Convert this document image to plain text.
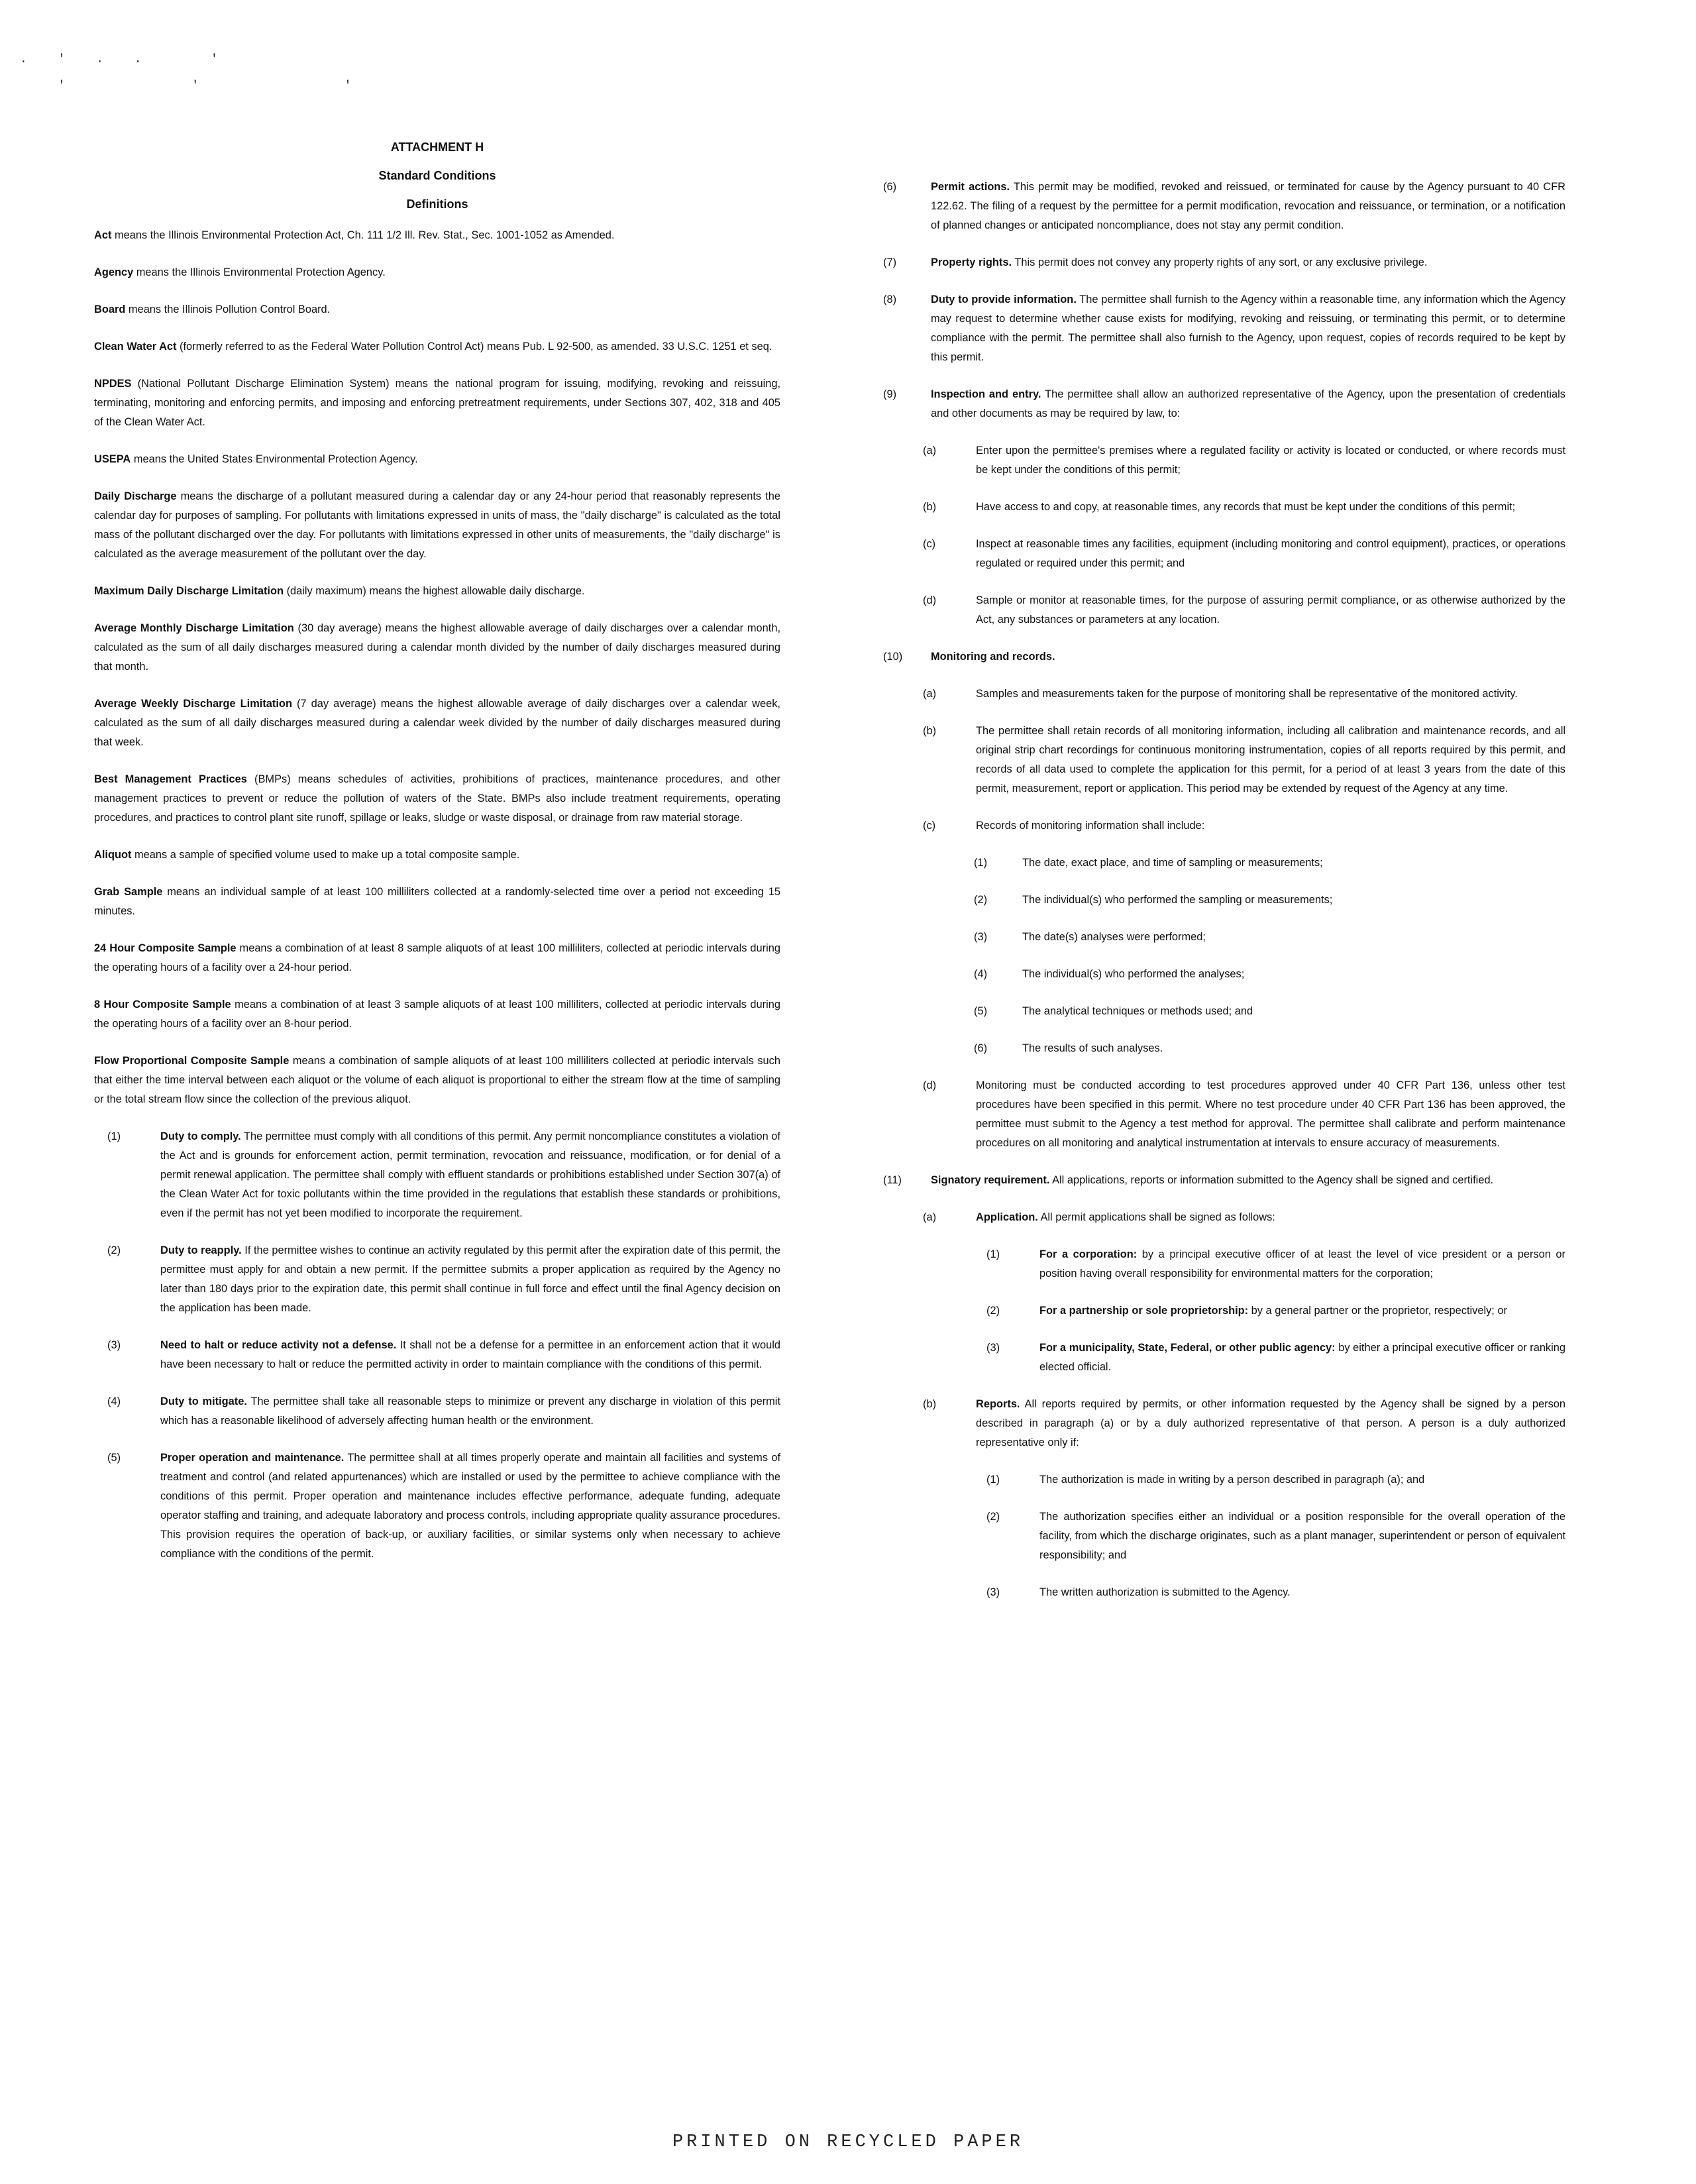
. ' . .   '
'      '       '
ATTACHMENT H
Standard Conditions
Definitions

Act means the Illinois Environmental Protection Act, Ch. 111 1/2 Ill. Rev. Stat., Sec. 1001-1052 as Amended.

Agency means the Illinois Environmental Protection Agency.

Board means the Illinois Pollution Control Board.

Clean Water Act (formerly referred to as the Federal Water Pollution Control Act) means Pub. L 92-500, as amended. 33 U.S.C. 1251 et seq.

NPDES (National Pollutant Discharge Elimination System) means the national program for issuing, modifying, revoking and reissuing, terminating, monitoring and enforcing permits, and imposing and enforcing pretreatment requirements, under Sections 307, 402, 318 and 405 of the Clean Water Act.

USEPA means the United States Environmental Protection Agency.

Daily Discharge means the discharge of a pollutant measured during a calendar day or any 24-hour period that reasonably represents the calendar day for purposes of sampling. For pollutants with limitations expressed in units of mass, the "daily discharge" is calculated as the total mass of the pollutant discharged over the day. For pollutants with limitations expressed in other units of measurements, the "daily discharge" is calculated as the average measurement of the pollutant over the day.

Maximum Daily Discharge Limitation (daily maximum) means the highest allowable daily discharge.

Average Monthly Discharge Limitation (30 day average) means the highest allowable average of daily discharges over a calendar month, calculated as the sum of all daily discharges measured during a calendar month divided by the number of daily discharges measured during that month.

Average Weekly Discharge Limitation (7 day average) means the highest allowable average of daily discharges over a calendar week, calculated as the sum of all daily discharges measured during a calendar week divided by the number of daily discharges measured during that week.

Best Management Practices (BMPs) means schedules of activities, prohibitions of practices, maintenance procedures, and other management practices to prevent or reduce the pollution of waters of the State. BMPs also include treatment requirements, operating procedures, and practices to control plant site runoff, spillage or leaks, sludge or waste disposal, or drainage from raw material storage.

Aliquot means a sample of specified volume used to make up a total composite sample.

Grab Sample means an individual sample of at least 100 milliliters collected at a randomly-selected time over a period not exceeding 15 minutes.

24 Hour Composite Sample means a combination of at least 8 sample aliquots of at least 100 milliliters, collected at periodic intervals during the operating hours of a facility over a 24-hour period.

8 Hour Composite Sample means a combination of at least 3 sample aliquots of at least 100 milliliters, collected at periodic intervals during the operating hours of a facility over an 8-hour period.

Flow Proportional Composite Sample means a combination of sample aliquots of at least 100 milliliters collected at periodic intervals such that either the time interval between each aliquot or the volume of each aliquot is proportional to either the stream flow at the time of sampling or the total stream flow since the collection of the previous aliquot.

(1)	Duty to comply. The permittee must comply with all conditions of this permit. Any permit noncompliance constitutes a violation of the Act and is grounds for enforcement action, permit termination, revocation and reissuance, modification, or for denial of a permit renewal application. The permittee shall comply with effluent standards or prohibitions established under Section 307(a) of the Clean Water Act for toxic pollutants within the time provided in the regulations that establish these standards or prohibitions, even if the permit has not yet been modified to incorporate the requirement.
(2)	Duty to reapply. If the permittee wishes to continue an activity regulated by this permit after the expiration date of this permit, the permittee must apply for and obtain a new permit. If the permittee submits a proper application as required by the Agency no later than 180 days prior to the expiration date, this permit shall continue in full force and effect until the final Agency decision on the application has been made.
(3)	Need to halt or reduce activity not a defense. It shall not be a defense for a permittee in an enforcement action that it would have been necessary to halt or reduce the permitted activity in order to maintain compliance with the conditions of this permit.
(4)	Duty to mitigate. The permittee shall take all reasonable steps to minimize or prevent any discharge in violation of this permit which has a reasonable likelihood of adversely affecting human health or the environment.
(5)	Proper operation and maintenance. The permittee shall at all times properly operate and maintain all facilities and systems of treatment and control (and related appurtenances) which are installed or used by the permittee to achieve compliance with the conditions of this permit. Proper operation and maintenance includes effective performance, adequate funding, adequate operator staffing and training, and adequate laboratory and process controls, including appropriate quality assurance procedures. This provision requires the operation of back-up, or auxiliary facilities, or similar systems only when necessary to achieve compliance with the conditions of the permit.
(6)	Permit actions. This permit may be modified, revoked and reissued, or terminated for cause by the Agency pursuant to 40 CFR 122.62. The filing of a request by the permittee for a permit modification, revocation and reissuance, or termination, or a notification of planned changes or anticipated noncompliance, does not stay any permit condition.
(7)	Property rights. This permit does not convey any property rights of any sort, or any exclusive privilege.
(8)	Duty to provide information. The permittee shall furnish to the Agency within a reasonable time, any information which the Agency may request to determine whether cause exists for modifying, revoking and reissuing, or terminating this permit, or to determine compliance with the permit. The permittee shall also furnish to the Agency, upon request, copies of records required to be kept by this permit.
(9)	Inspection and entry. The permittee shall allow an authorized representative of the Agency, upon the presentation of credentials and other documents as may be required by law, to:
(a)	Enter upon the permittee's premises where a regulated facility or activity is located or conducted, or where records must be kept under the conditions of this permit;
(b)	Have access to and copy, at reasonable times, any records that must be kept under the conditions of this permit;
(c)	Inspect at reasonable times any facilities, equipment (including monitoring and control equipment), practices, or operations regulated or required under this permit; and
(d)	Sample or monitor at reasonable times, for the purpose of assuring permit compliance, or as otherwise authorized by the Act, any substances or parameters at any location.
(10)	Monitoring and records.
(a)	Samples and measurements taken for the purpose of monitoring shall be representative of the monitored activity.
(b)	The permittee shall retain records of all monitoring information, including all calibration and maintenance records, and all original strip chart recordings for continuous monitoring instrumentation, copies of all reports required by this permit, and records of all data used to complete the application for this permit, for a period of at least 3 years from the date of this permit, measurement, report or application. This period may be extended by request of the Agency at any time.
(c)	Records of monitoring information shall include:
(1)	The date, exact place, and time of sampling or measurements;
(2)	The individual(s) who performed the sampling or measurements;
(3)	The date(s) analyses were performed;
(4)	The individual(s) who performed the analyses;
(5)	The analytical techniques or methods used; and
(6)	The results of such analyses.
(d)	Monitoring must be conducted according to test procedures approved under 40 CFR Part 136, unless other test procedures have been specified in this permit. Where no test procedure under 40 CFR Part 136 has been approved, the permittee must submit to the Agency a test method for approval. The permittee shall calibrate and perform maintenance procedures on all monitoring and analytical instrumentation at intervals to ensure accuracy of measurements.
(11)	Signatory requirement. All applications, reports or information submitted to the Agency shall be signed and certified.
(a)	Application. All permit applications shall be signed as follows:
(1)	For a corporation: by a principal executive officer of at least the level of vice president or a person or position having overall responsibility for environmental matters for the corporation;
(2)	For a partnership or sole proprietorship: by a general partner or the proprietor, respectively; or
(3)	For a municipality, State, Federal, or other public agency: by either a principal executive officer or ranking elected official.
(b)	Reports. All reports required by permits, or other information requested by the Agency shall be signed by a person described in paragraph (a) or by a duly authorized representative of that person. A person is a duly authorized representative only if:
(1)	The authorization is made in writing by a person described in paragraph (a); and
(2)	The authorization specifies either an individual or a position responsible for the overall operation of the facility, from which the discharge originates, such as a plant manager, superintendent or person of equivalent responsibility; and
(3)	The written authorization is submitted to the Agency.
PRINTED ON RECYCLED PAPER
